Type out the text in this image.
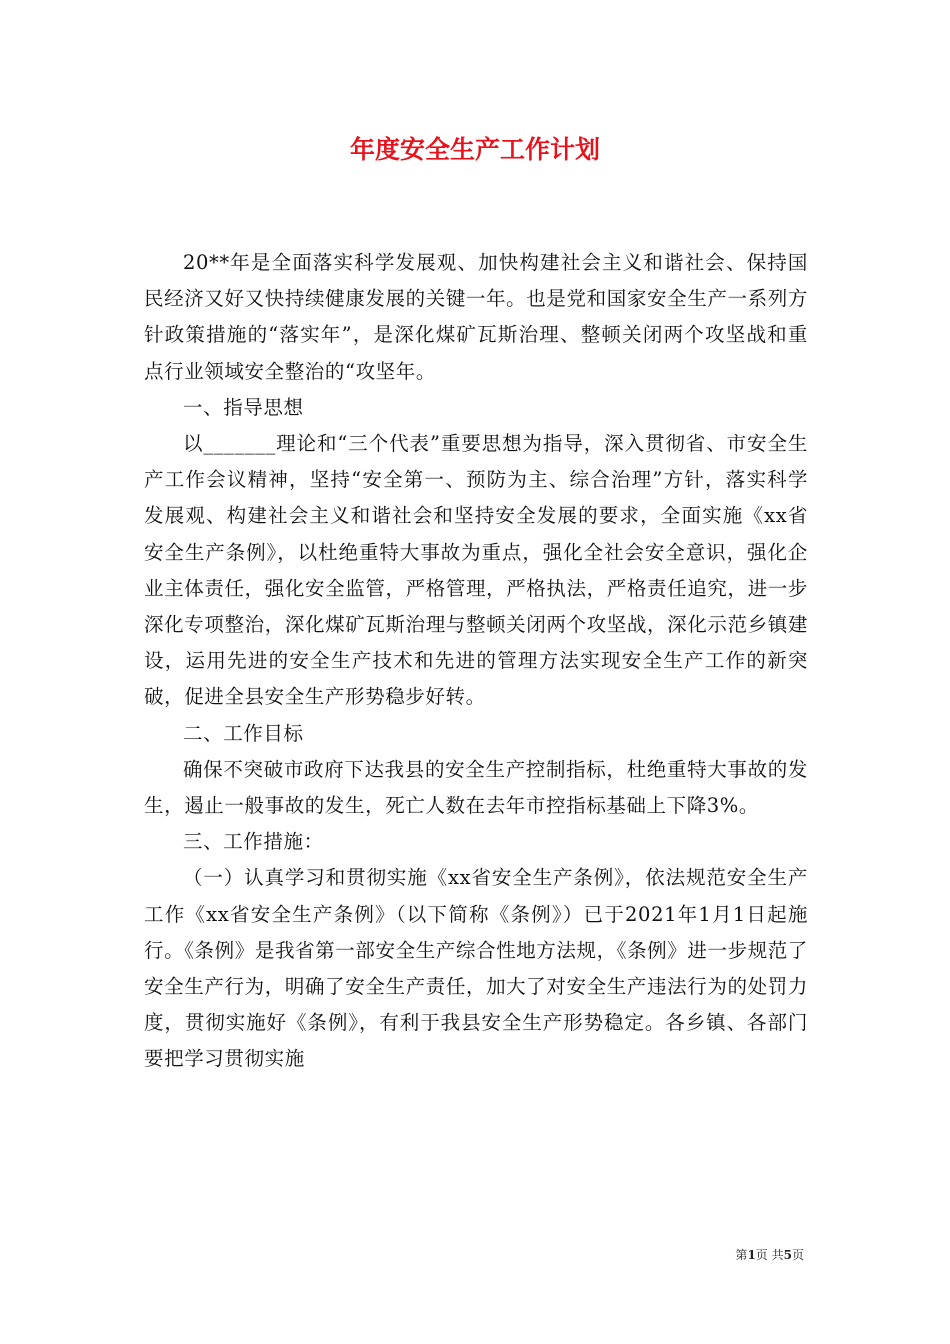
年度安全生产工作计划

20**年是全面落实科学发展观、加快构建社会主义和谐社会、保持国民经济又好又快持续健康发展的关键一年。也是党和国家安全生产一系列方针政策措施的“落实年”，是深化煤矿瓦斯治理、整顿关闭两个攻坚战和重点行业领域安全整治的“攻坚年。

一、指导思想

以_______理论和“三个代表”重要思想为指导，深入贯彻省、市安全生产工作会议精神，坚持“安全第一、预防为主、综合治理”方针，落实科学发展观、构建社会主义和谐社会和坚持安全发展的要求，全面实施《xx省安全生产条例》，以杜绝重特大事故为重点，强化全社会安全意识，强化企业主体责任，强化安全监管，严格管理，严格执法，严格责任追究，进一步深化专项整治，深化煤矿瓦斯治理与整顿关闭两个攻坚战，深化示范乡镇建设，运用先进的安全生产技术和先进的管理方法实现安全生产工作的新突破，促进全县安全生产形势稳步好转。

二、工作目标

确保不突破市政府下达我县的安全生产控制指标，杜绝重特大事故的发生，遏止一般事故的发生，死亡人数在去年市控指标基础上下降3%。

三、工作措施：

（一）认真学习和贯彻实施《xx省安全生产条例》，依法规范安全生产工作《xx省安全生产条例》（以下简称《条例》）已于2021年1月1日起施行。《条例》是我省第一部安全生产综合性地方法规，《条例》进一步规范了安全生产行为，明确了安全生产责任，加大了对安全生产违法行为的处罚力度，贯彻实施好《条例》，有利于我县安全生产形势稳定。各乡镇、各部门要把学习贯彻实施

第1页 共5页
